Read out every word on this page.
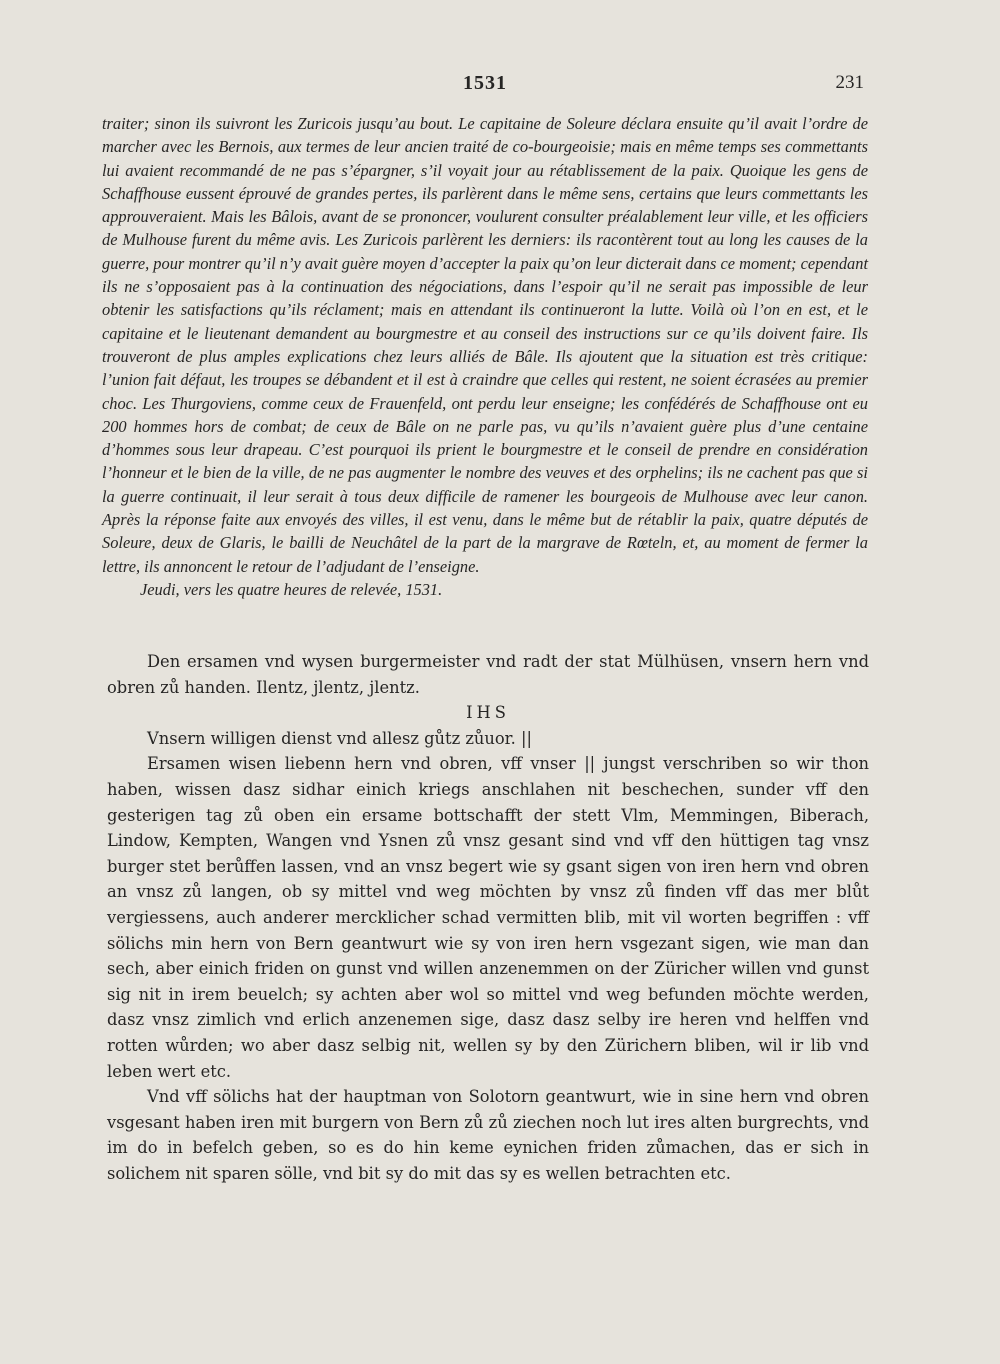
1531	231

traiter; sinon ils suivront les Zuricois jusqu’au bout. Le capitaine de Soleure déclara ensuite qu’il avait l’ordre de marcher avec les Bernois, aux termes de leur ancien traité de co-bourgeoisie; mais en même temps ses commettants lui avaient recommandé de ne pas s’épargner, s’il voyait jour au rétablissement de la paix. Quoique les gens de Schaffhouse eussent éprouvé de grandes pertes, ils parlèrent dans le même sens, certains que leurs commettants les approuveraient. Mais les Bâlois, avant de se prononcer, voulurent consulter préalablement leur ville, et les officiers de Mulhouse furent du même avis. Les Zuricois parlèrent les derniers: ils racontèrent tout au long les causes de la guerre, pour montrer qu’il n’y avait guère moyen d’accepter la paix qu’on leur dicterait dans ce moment; cependant ils ne s’opposaient pas à la continuation des négociations, dans l’espoir qu’il ne serait pas impossible de leur obtenir les satisfactions qu’ils réclament; mais en attendant ils continueront la lutte. Voilà où l’on en est, et le capitaine et le lieutenant demandent au bourgmestre et au conseil des instructions sur ce qu’ils doivent faire. Ils trouveront de plus amples explications chez leurs alliés de Bâle. Ils ajoutent que la situation est très critique: l’union fait défaut, les troupes se débandent et il est à craindre que celles qui restent, ne soient écrasées au premier choc. Les Thurgoviens, comme ceux de Frauenfeld, ont perdu leur enseigne; les confédérés de Schaffhouse ont eu 200 hommes hors de combat; de ceux de Bâle on ne parle pas, vu qu’ils n’avaient guère plus d’une centaine d’hommes sous leur drapeau. C’est pourquoi ils prient le bourgmestre et le conseil de prendre en considération l’honneur et le bien de la ville, de ne pas augmenter le nombre des veuves et des orphelins; ils ne cachent pas que si la guerre continuait, il leur serait à tous deux difficile de ramener les bourgeois de Mulhouse avec leur canon. Après la réponse faite aux envoyés des villes, il est venu, dans le même but de rétablir la paix, quatre députés de Soleure, deux de Glaris, le bailli de Neuchâtel de la part de la margrave de Rœteln, et, au moment de fermer la lettre, ils annoncent le retour de l’adjudant de l’enseigne.

Jeudi, vers les quatre heures de relevée, 1531.

Den ersamen vnd wysen burgermeister vnd radt der stat Mülhüsen, vnsern hern vnd obren zů handen. Ilentz, jlentz, jlentz.

IHS

Vnsern willigen dienst vnd allesz gůtz zůuor. ||

Ersamen wisen liebenn hern vnd obren, vff vnser || jungst verschriben so wir thon haben, wissen dasz sidhar einich kriegs anschlahen nit beschechen, sunder vff den gesterigen tag zů oben ein ersame bottschafft der stett Vlm, Memmingen, Biberach, Lindow, Kempten, Wangen vnd Ysnen zů vnsz gesant sind vnd vff den hüttigen tag vnsz burger stet berůffen lassen, vnd an vnsz begert wie sy gsant sigen von iren hern vnd obren an vnsz zů langen, ob sy mittel vnd weg möchten by vnsz zů finden vff das mer blůt vergiessens, auch anderer mercklicher schad vermitten blib, mit vil worten begriffen : vff sölichs min hern von Bern geantwurt wie sy von iren hern vsgezant sigen, wie man dan sech, aber einich friden on gunst vnd willen anzenemmen on der Züricher willen vnd gunst sig nit in irem beuelch; sy achten aber wol so mittel vnd weg befunden möchte werden, dasz vnsz zimlich vnd erlich anzenemen sige, dasz dasz selby ire heren vnd helffen vnd rotten wůrden; wo aber dasz selbig nit, wellen sy by den Zürichern bliben, wil ir lib vnd leben wert etc.

Vnd vff sölichs hat der hauptman von Solotorn geantwurt, wie in sine hern vnd obren vsgesant haben iren mit burgern von Bern zů zů ziechen noch lut ires alten burgrechts, vnd im do in befelch geben, so es do hin keme eynichen friden zůmachen, das er sich in solichem nit sparen sölle, vnd bit sy do mit das sy es wellen betrachten etc.
